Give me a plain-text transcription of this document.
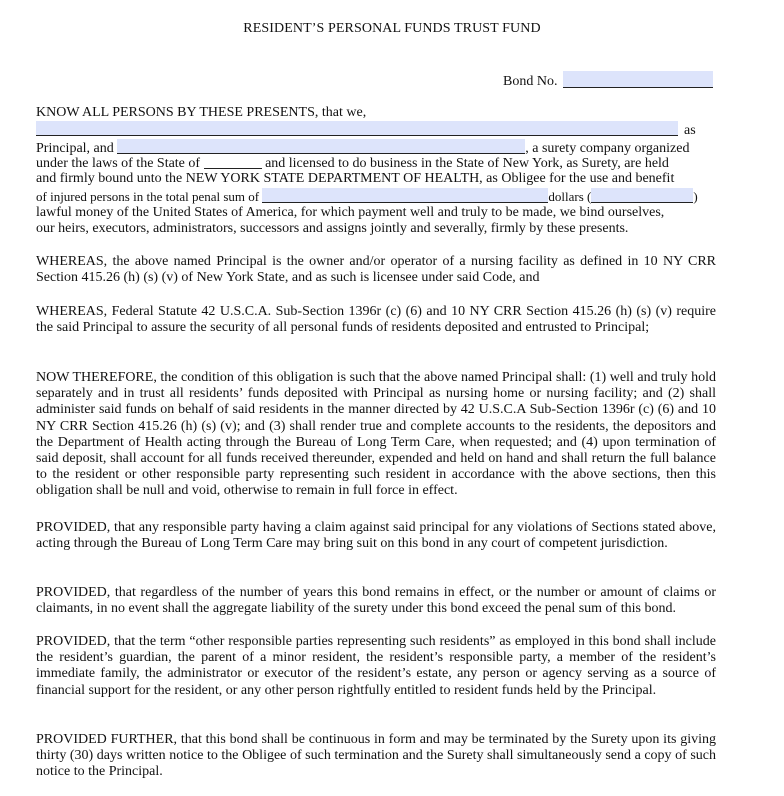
RESIDENT’S PERSONAL FUNDS TRUST FUND
Bond No.
KNOW ALL PERSONS BY THESE PRESENTS, that we,
as
Principal, and	, a surety company organized
under the laws of the State of	and licensed to do business in the State of New York, as Surety, are held
and firmly bound unto the NEW YORK STATE DEPARTMENT OF HEALTH, as Obligee for the use and benefit
of injured persons in the total penal sum of	dollars (	)
lawful money of the United States of America, for which payment well and truly to be made, we bind ourselves,
our heirs, executors, administrators, successors and assigns jointly and severally, firmly by these presents.
WHEREAS, the above named Principal is the owner and/or operator of a nursing facility as defined in 10 NY CRR Section 415.26 (h) (s) (v) of New York State, and as such is licensee under said Code, and
WHEREAS, Federal Statute 42 U.S.C.A. Sub-Section 1396r (c) (6) and 10 NY CRR Section 415.26 (h) (s) (v) require the said Principal to assure the security of all personal funds of residents deposited and entrusted to Principal;
NOW THEREFORE, the condition of this obligation is such that the above named Principal shall: (1) well and truly hold separately and in trust all residents’ funds deposited with Principal as nursing home or nursing facility; and (2) shall administer said funds on behalf of said residents in the manner directed by 42 U.S.C.A Sub-Section 1396r (c) (6) and 10 NY CRR Section 415.26 (h) (s) (v); and (3) shall render true and complete accounts to the residents, the depositors and the Department of Health acting through the Bureau of Long Term Care, when requested; and (4) upon termination of said deposit, shall account for all funds received thereunder, expended and held on hand and shall return the full balance to the resident or other responsible party representing such resident in accordance with the above sections, then this obligation shall be null and void, otherwise to remain in full force in effect.
PROVIDED, that any responsible party having a claim against said principal for any violations of Sections stated above, acting through the Bureau of Long Term Care may bring suit on this bond in any court of competent jurisdiction.
PROVIDED, that regardless of the number of years this bond remains in effect, or the number or amount of claims or claimants, in no event shall the aggregate liability of the surety under this bond exceed the penal sum of this bond.
PROVIDED, that the term “other responsible parties representing such residents” as employed in this bond shall include the resident’s guardian, the parent of a minor resident, the resident’s responsible party, a member of the resident’s immediate family, the administrator or executor of the resident’s estate, any person or agency serving as a source of financial support for the resident, or any other person rightfully entitled to resident funds held by the Principal.
PROVIDED FURTHER, that this bond shall be continuous in form and may be terminated by the Surety upon its giving thirty (30) days written notice to the Obligee of such termination and the Surety shall simultaneously send a copy of such notice to the Principal.
